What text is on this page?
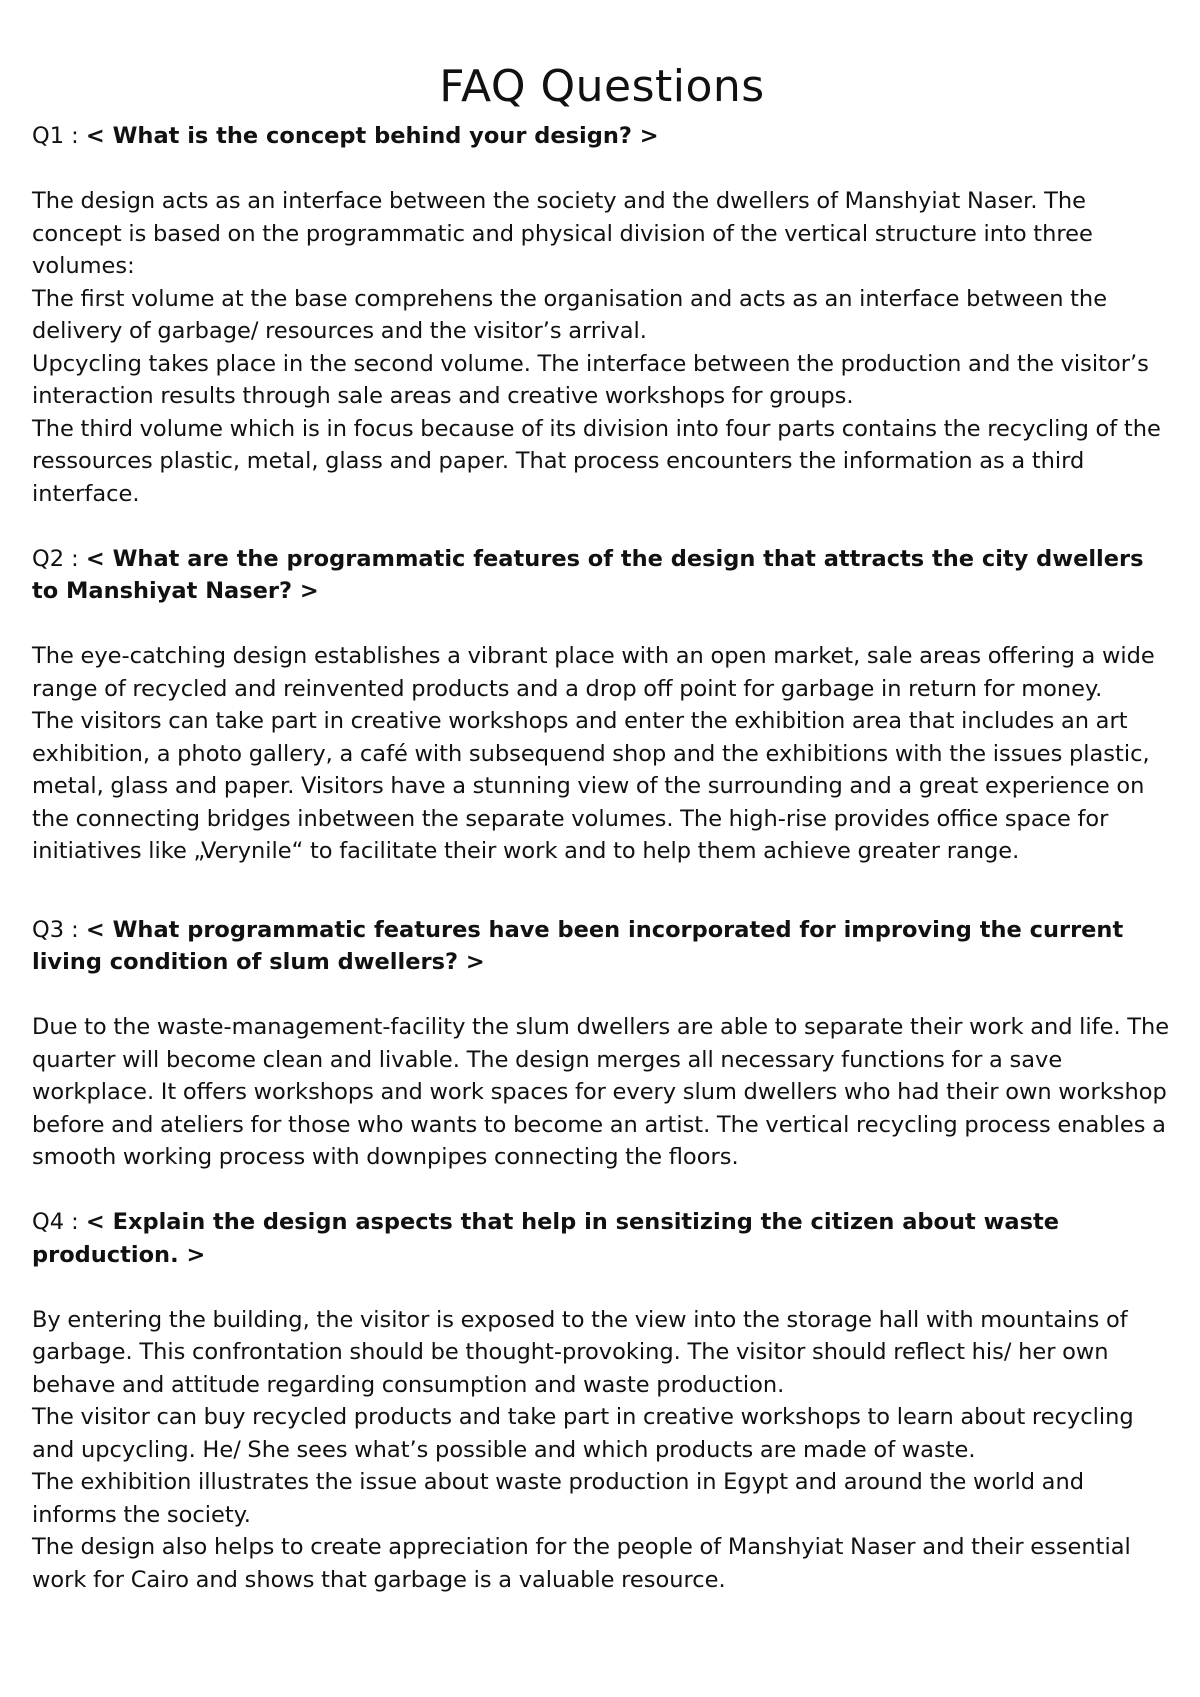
FAQ Questions

Q1 : < What is the concept behind your design? >

The design acts as an interface between the society and the dwellers of Manshyiat Naser. The concept is based on the programmatic and physical division of the vertical structure into three volumes:

The first volume at the base comprehens the organisation and acts as an interface between the delivery of garbage/ resources and the visitor’s arrival.

Upcycling takes place in the second volume. The interface between the production and the visitor’s interaction results through sale areas and creative workshops for groups.

The third volume which is in focus because of its division into four parts contains the recycling of the ressources plastic, metal, glass and paper. That process encounters the information as a third interface.

Q2 : < What are the programmatic features of the design that attracts the city dwellers to Manshiyat Naser? >

The eye-catching design establishes a vibrant place with an open market, sale areas offering a wide range of recycled and reinvented products and a drop off point for garbage in return for money.

The visitors can take part in creative workshops and enter the exhibition area that includes an art exhibition, a photo gallery, a café with subsequend shop and the exhibitions with the issues plastic, metal, glass and paper. Visitors have a stunning view of the surrounding and a great experience on the connecting bridges inbetween the separate volumes. The high-rise provides office space for initiatives like „Verynile“ to facilitate their work and to help them achieve greater range.

Q3 : < What programmatic features have been incorporated for improving the current living condition of slum dwellers? >

Due to the waste-management-facility the slum dwellers are able to separate their work and life. The quarter will become clean and livable. The design merges all necessary functions for a save workplace. It offers workshops and work spaces for every slum dwellers who had their own workshop before and ateliers for those who wants to become an artist. The vertical recycling process enables a smooth working process with downpipes connecting the floors.

Q4 : < Explain the design aspects that help in sensitizing the citizen about waste production. >

By entering the building, the visitor is exposed to the view into the storage hall with mountains of garbage. This confrontation should be thought-provoking. The visitor should reflect his/ her own behave and attitude regarding consumption and waste production.

The visitor can buy recycled products and take part in creative workshops to learn about recycling and upcycling. He/ She sees what’s possible and which products are made of waste.

The exhibition illustrates the issue about waste production in Egypt and around the world and informs the society.

The design also helps to create appreciation for the people of Manshyiat Naser and their essential work for Cairo and shows that garbage is a valuable resource.
